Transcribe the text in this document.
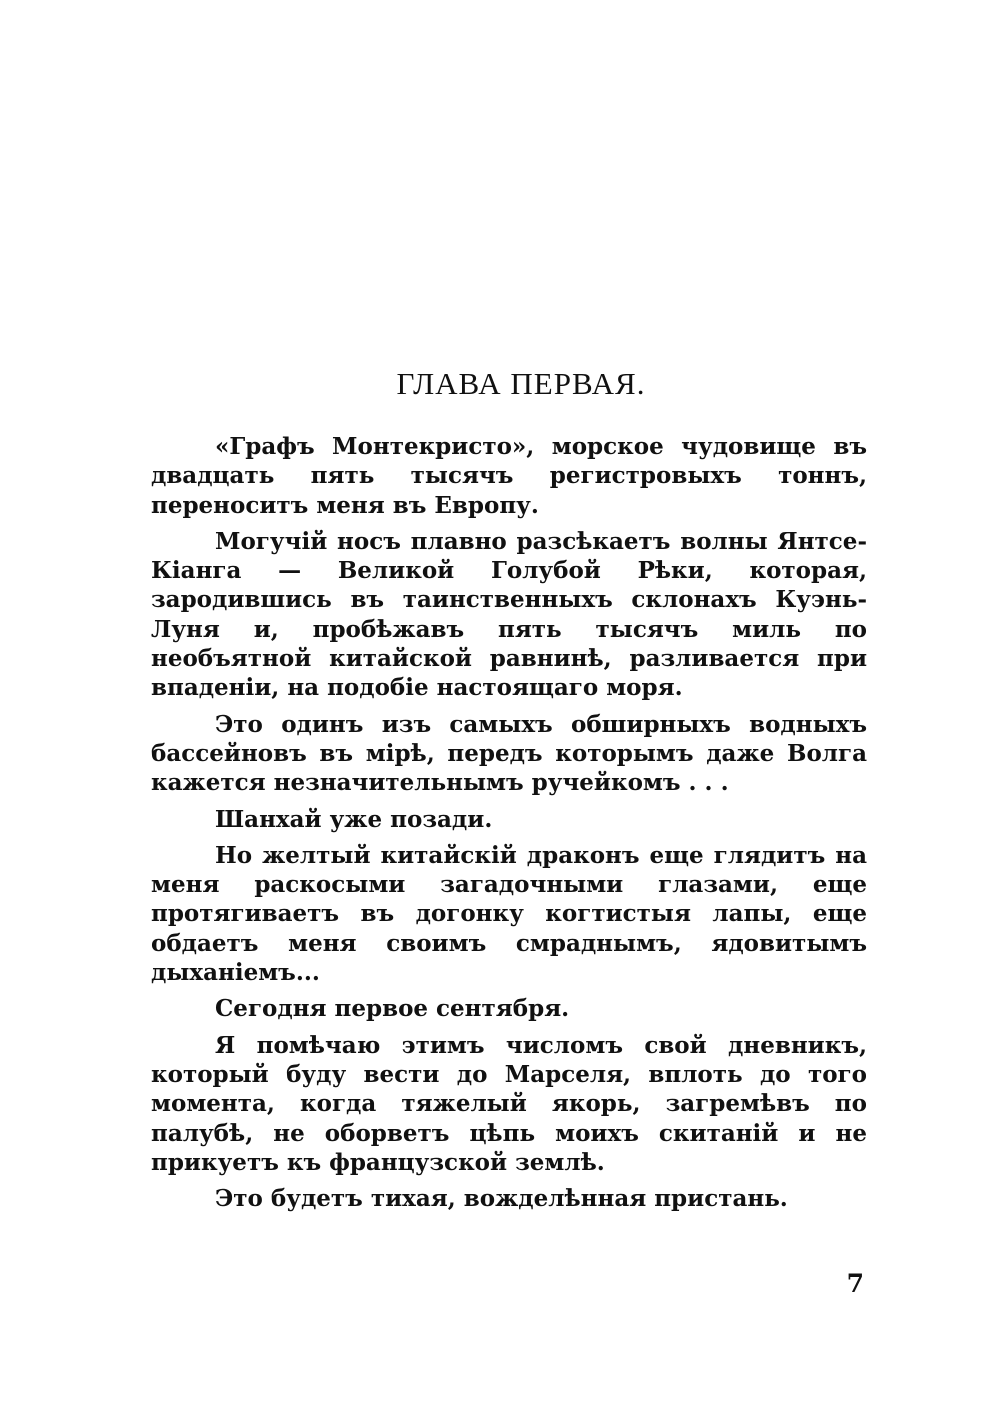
ГЛАВА ПЕРВАЯ.

«Графъ Монтекристо», морское чудовище въ двадцать пять тысячъ регистровыхъ тоннъ, переноситъ меня въ Европу.

Могучій носъ плавно разсѣкаетъ волны Янтсе-Кіанга — Великой Голубой Рѣки, которая, зародившись въ таинственныхъ склонахъ Куэнь-Луня и, пробѣжавъ пять тысячъ миль по необъятной китайской равнинѣ, разливается при впаденіи, на подобіе настоящаго моря.

Это одинъ изъ самыхъ обширныхъ водныхъ бассейновъ въ мірѣ, передъ которымъ даже Волга кажется незначительнымъ ручейкомъ . . .

Шанхай уже позади.

Но желтый китайскій драконъ еще глядитъ на меня раскосыми загадочными глазами, еще протягиваетъ въ догонку когтистыя лапы, еще обдаетъ меня своимъ смраднымъ, ядовитымъ дыханіемъ...

Сегодня первое сентября.

Я помѣчаю этимъ числомъ свой дневникъ, который буду вести до Марселя, вплоть до того момента, когда тяжелый якорь, загремѣвъ по палубѣ, не оборветъ цѣпь моихъ скитаній и не прикуетъ къ французской землѣ.

Это будетъ тихая, вожделѣнная пристань.

7
